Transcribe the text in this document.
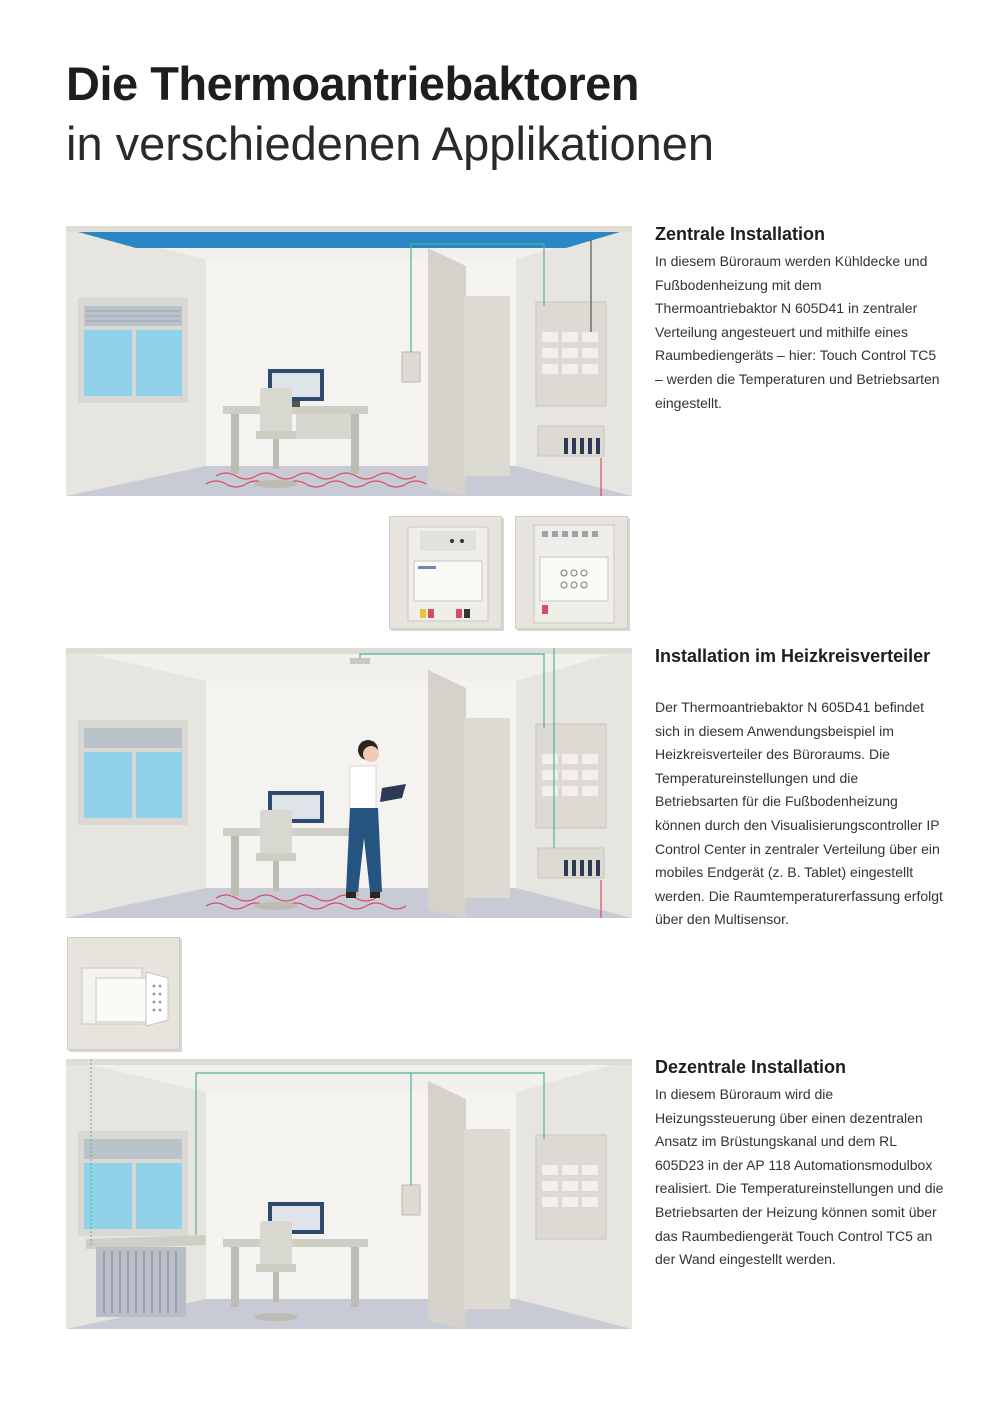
Die Thermoantriebaktoren
in verschiedenen Applikationen
Zentrale Installation

In diesem Büroraum werden Kühldecke und Fußbodenheizung mit dem Thermoantriebaktor N 605D41 in zentraler Verteilung angesteuert und mithilfe eines Raumbediengeräts – hier: Touch Control TC5 – werden die Temperaturen und Betriebsarten eingestellt.

Installation im Heizkreisverteiler

Der Thermoantriebaktor N 605D41 befindet sich in diesem Anwendungsbeispiel im Heizkreisverteiler des Büroraums. Die Temperatureinstellungen und die Betriebsarten für die Fußbodenheizung können durch den Visualisierungscontroller IP Control Center in zentraler Verteilung über ein mobiles Endgerät (z. B. Tablet) eingestellt werden. Die Raumtemperaturerfassung erfolgt über den Multisensor.

Dezentrale Installation

In diesem Büroraum wird die Heizungssteuerung über einen dezentralen Ansatz im Brüstungskanal und dem RL 605D23 in der AP 118 Automationsmodulbox realisiert. Die Temperatureinstellungen und die Betriebsarten der Heizung können somit über das Raumbediengerät Touch Control TC5 an der Wand eingestellt werden.
